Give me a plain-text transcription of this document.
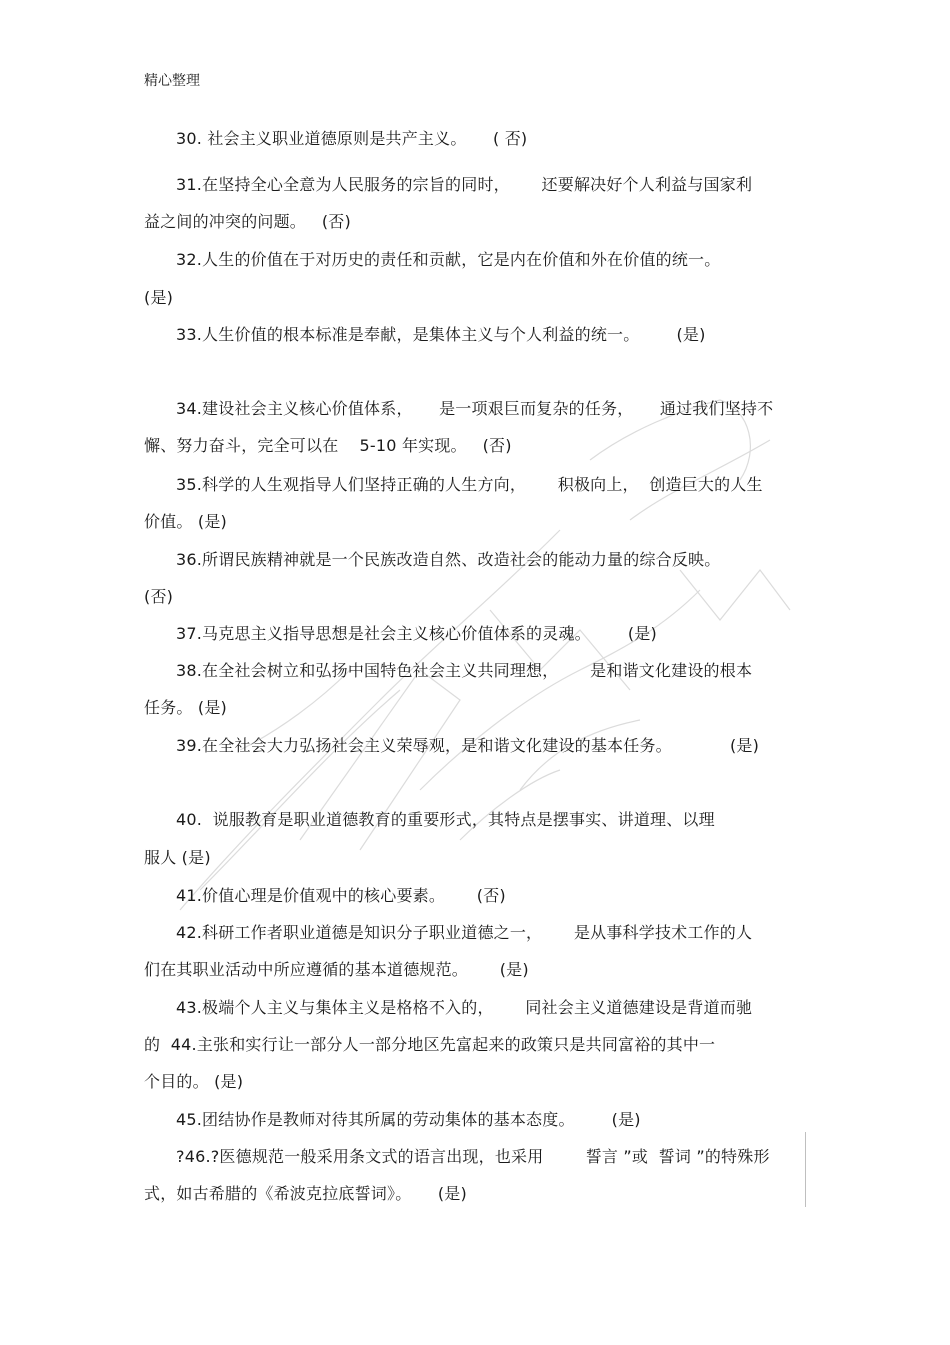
精心整理
30. 社会主义职业道德原则是共产主义。     ( 否)
31.在坚持全心全意为人民服务的宗旨的同时，      还要解决好个人利益与国家利
益之间的冲突的问题。   (否)
32.人生的价值在于对历史的责任和贡献，它是内在价值和外在价值的统一。
(是)
33.人生价值的根本标准是奉献，是集体主义与个人利益的统一。       (是)
34.建设社会主义核心价值体系，     是一项艰巨而复杂的任务，     通过我们坚持不
懈、努力奋斗，完全可以在    5-10 年实现。   (否)
35.科学的人生观指导人们坚持正确的人生方向，      积极向上，  创造巨大的人生
价值。 (是)
36.所谓民族精神就是一个民族改造自然、改造社会的能动力量的综合反映。
(否)
37.马克思主义指导思想是社会主义核心价值体系的灵魂。       (是)
38.在全社会树立和弘扬中国特色社会主义共同理想，      是和谐文化建设的根本
任务。 (是)
39.在全社会大力弘扬社会主义荣辱观，是和谐文化建设的基本任务。           (是)
40.  说服教育是职业道德教育的重要形式，其特点是摆事实、讲道理、以理
服人 (是)
41.价值心理是价值观中的核心要素。      (否)
42.科研工作者职业道德是知识分子职业道德之一，      是从事科学技术工作的人
们在其职业活动中所应遵循的基本道德规范。      (是)
43.极端个人主义与集体主义是格格不入的，      同社会主义道德建设是背道而驰
的  44.主张和实行让一部分人一部分地区先富起来的政策只是共同富裕的其中一
个目的。 (是)
45.团结协作是教师对待其所属的劳动集体的基本态度。       (是)
?46.?医德规范一般采用条文式的语言出现，也采用        誓言 ”或  誓词 ”的特殊形
式，如古希腊的《希波克拉底誓词》。     (是)
